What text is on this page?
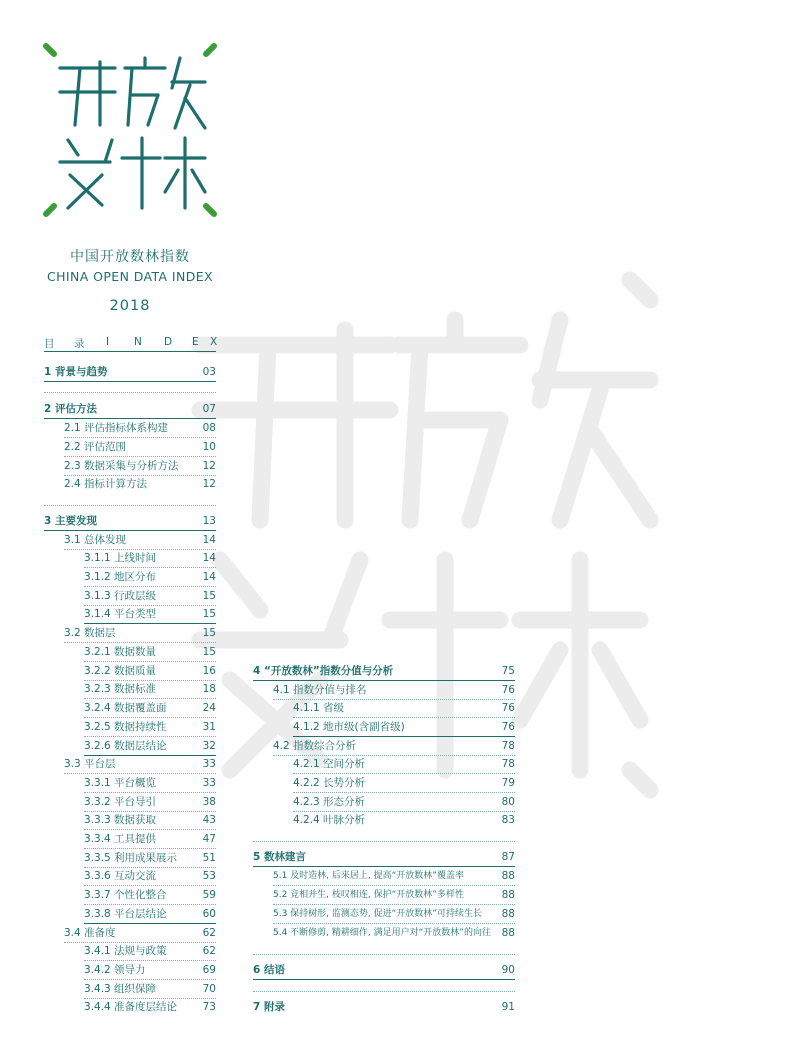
中国开放数林指数
CHINA OPEN DATA INDEX
2018
目 录 I N D E X
1 背景与趋势	03
2 评估方法	07
2.1 评估指标体系构建	08
2.2 评估范围	10
2.3 数据采集与分析方法 12
2.4 指标计算方法	12
3 主要发现	13
3.1 总体发现	14
3.1.1 上线时间	14
3.1.2 地区分布	14
3.1.3 行政层级	15
3.1.4 平台类型	15
3.2 数据层	15
3.2.1 数据数量	15
3.2.2 数据质量	16
3.2.3 数据标准	18
3.2.4 数据覆盖面	24
3.2.5 数据持续性	31
3.2.6 数据层结论	32
3.3 平台层	33
3.3.1 平台概览	33
3.3.2 平台导引	38
3.3.3 数据获取	43
3.3.4 工具提供	47
3.3.5 利用成果展示 51
3.3.6 互动交流	53
3.3.7 个性化整合	59
3.3.8 平台层结论	60
3.4 准备度	62
3.4.1 法规与政策	62
3.4.2 领导力	69
3.4.3 组织保障	70
3.4.4 准备度层结论 73
4 “开放数林”指数分值与分析	75
4.1 指数分值与排名	76
4.1.1 省级	76
4.1.2 地市级(含副省级)	76
4.2 指数综合分析	78
4.2.1 空间分析	78
4.2.2 长势分析	79
4.2.3 形态分析	80
4.2.4 叶脉分析	83
5 数林建言	87
5.1 及时造林, 后来居上, 提高“开放数林”覆盖率	88
5.2 竞相并生, 枝叹相连, 保护“开放数林”多样性	88
5.3 保持树形, 监测态势, 促进“开放数林”可持续生长 88
5.4 不断修剪, 精耕细作, 满足用户对“开放数林”的向往 88
6 结语	90
7 附录	91
